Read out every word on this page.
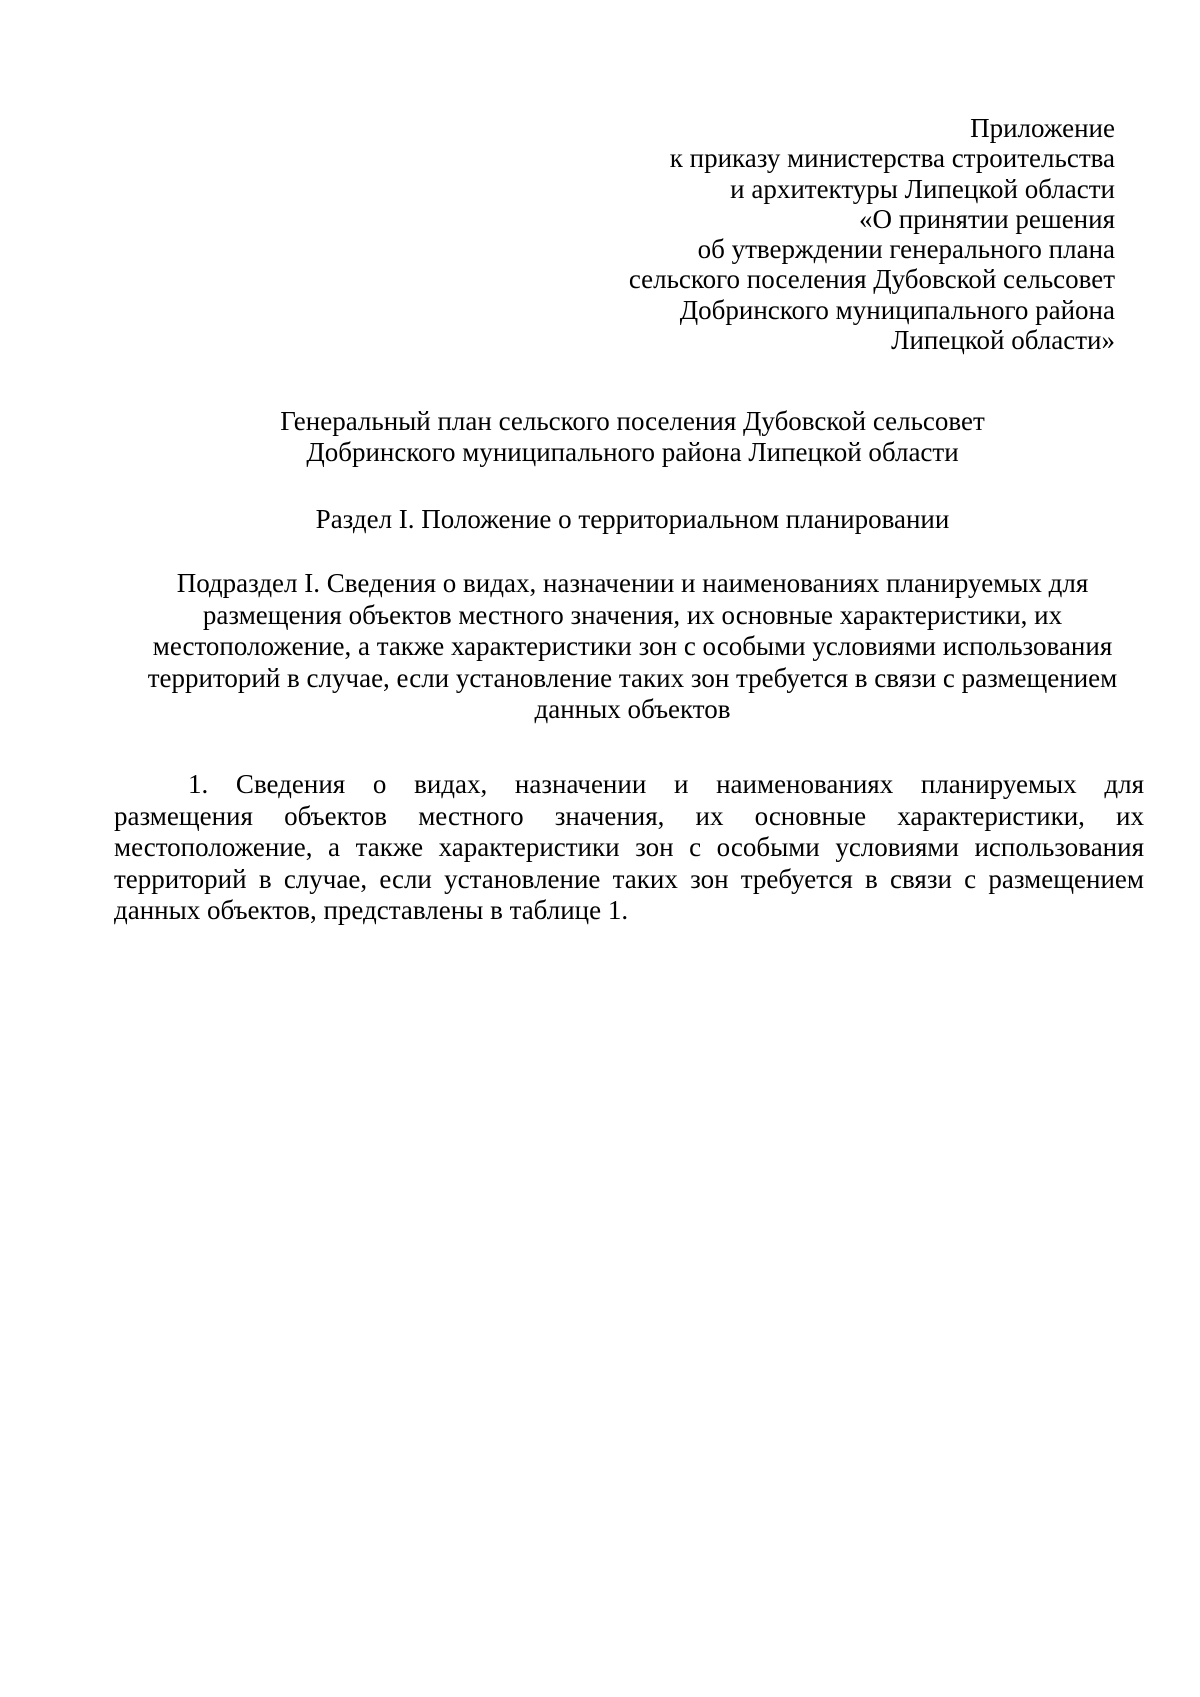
Приложение
к приказу министерства строительства
и архитектуры Липецкой области
«О принятии решения
об утверждении генерального плана
сельского поселения Дубовской сельсовет
Добринского муниципального района
Липецкой области»
Генеральный план сельского поселения Дубовской сельсовет
Добринского муниципального района Липецкой области
Раздел I. Положение о территориальном планировании
Подраздел I. Сведения о видах, назначении и наименованиях планируемых для
размещения объектов местного значения, их основные характеристики, их
местоположение, а также характеристики зон с особыми условиями использования
территорий в случае, если установление таких зон требуется в связи с размещением
данных объектов
1. Сведения о видах, назначении и наименованиях планируемых для
размещения объектов местного значения, их основные характеристики, их
местоположение, а также характеристики зон с особыми условиями использования
территорий в случае, если установление таких зон требуется в связи с размещением
данных объектов, представлены в таблице 1.
